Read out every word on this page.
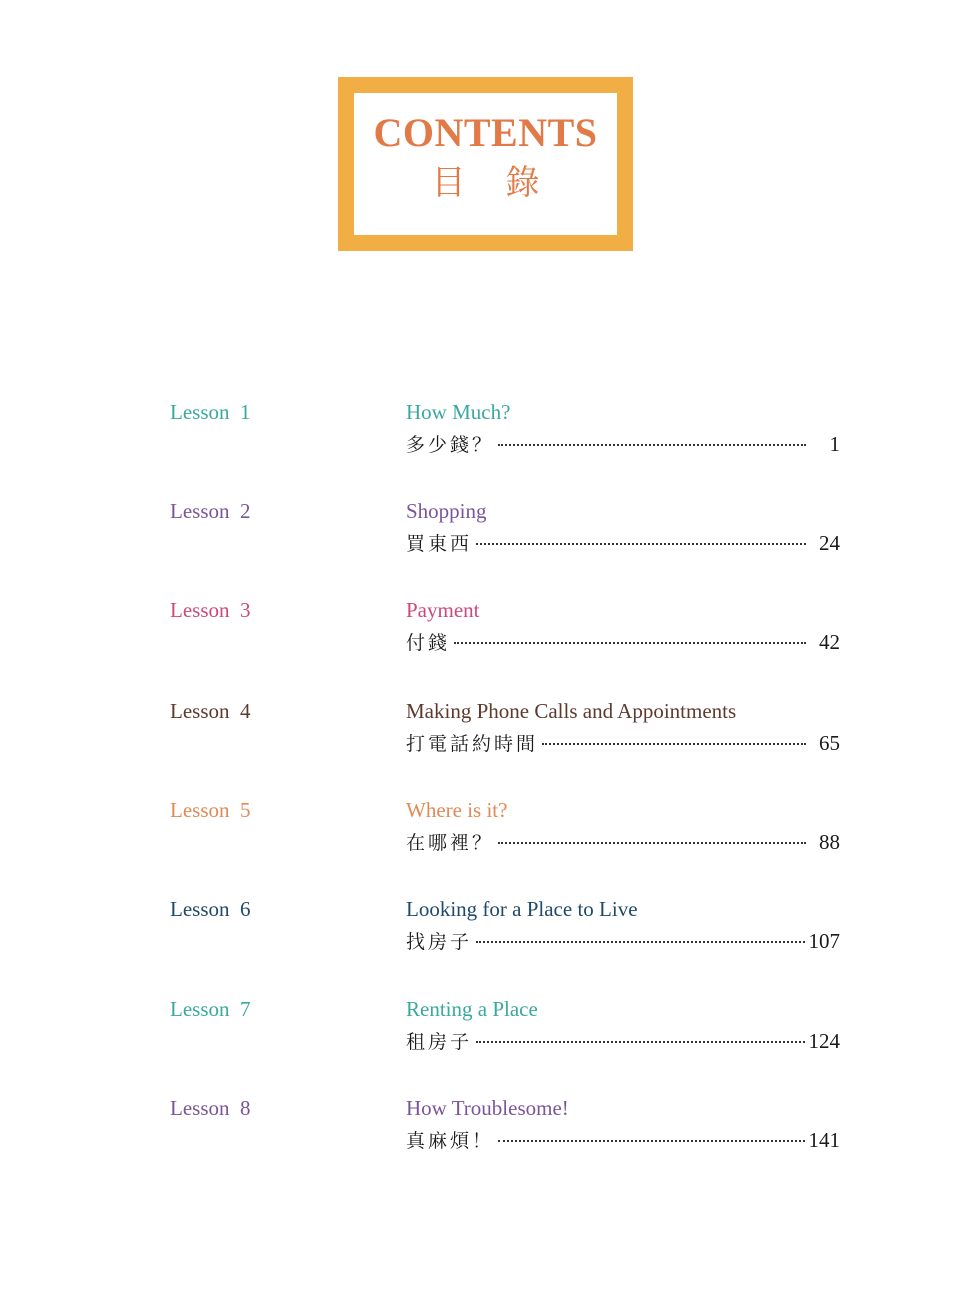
CONTENTS
目錄
Lesson  1	How Much?
多少錢？	1
Lesson  2	Shopping
買東西	24
Lesson  3	Payment
付錢	42
Lesson  4	Making Phone Calls and Appointments
打電話約時間	65
Lesson  5	Where is it?
在哪裡？	88
Lesson  6	Looking for a Place to Live
找房子	107
Lesson  7	Renting a Place
租房子	124
Lesson  8	How Troublesome!
真麻煩！	141
